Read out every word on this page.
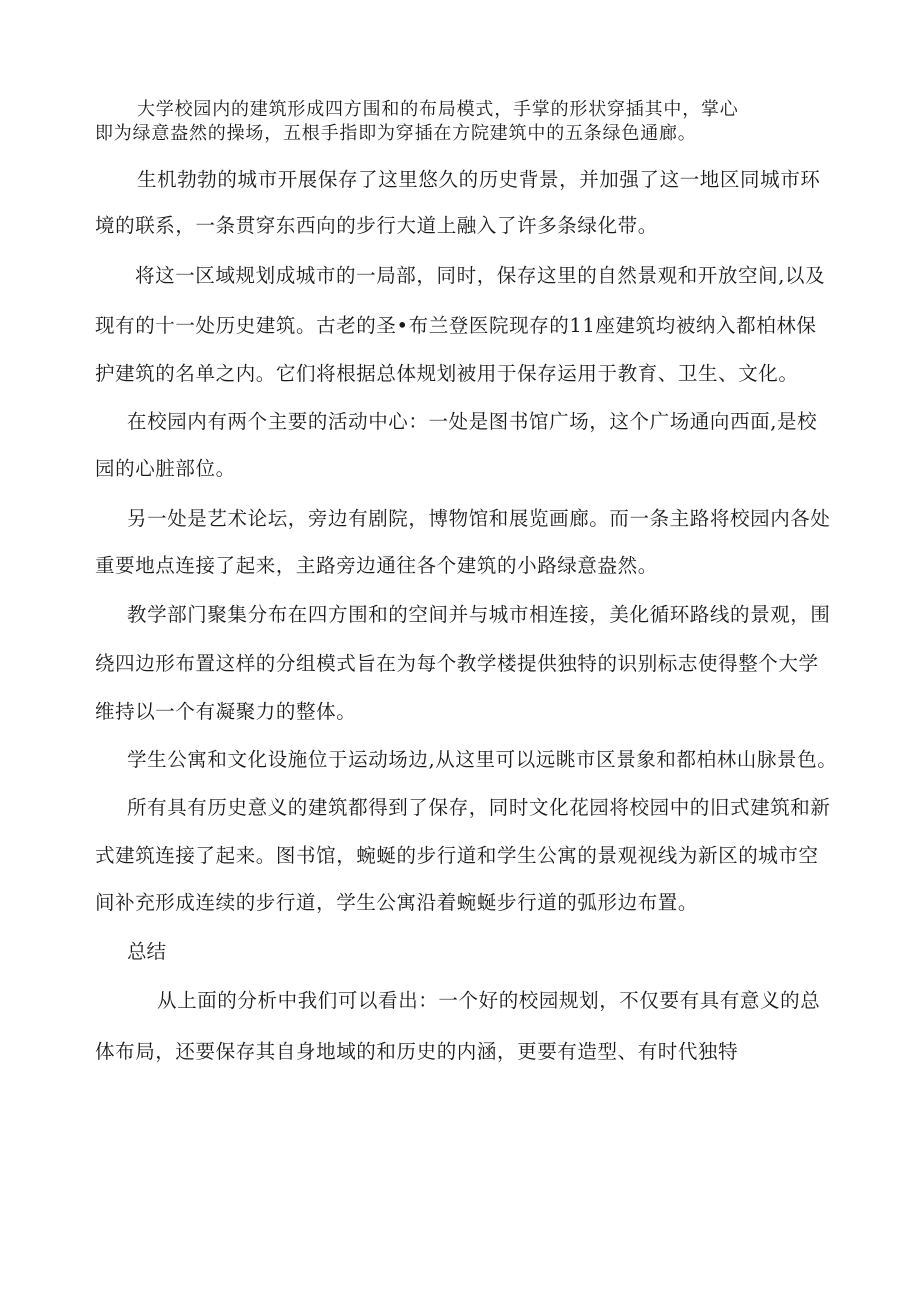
大学校园内的建筑形成四方围和的布局模式，手掌的形状穿插其中，掌心
即为绿意盎然的操场，五根手指即为穿插在方院建筑中的五条绿色通廊。
生机勃勃的城市开展保存了这里悠久的历史背景，并加强了这一地区同城市环
境的联系，一条贯穿东西向的步行大道上融入了许多条绿化带。
将这一区域规划成城市的一局部，同时，保存这里的自然景观和开放空间,以及
现有的十一处历史建筑。古老的圣•布兰登医院现存的11座建筑均被纳入都柏林保
护建筑的名单之内。它们将根据总体规划被用于保存运用于教育、卫生、文化。
在校园内有两个主要的活动中心：一处是图书馆广场，这个广场通向西面,是校
园的心脏部位。
另一处是艺术论坛，旁边有剧院，博物馆和展览画廊。而一条主路将校园内各处
重要地点连接了起来，主路旁边通往各个建筑的小路绿意盎然。
教学部门聚集分布在四方围和的空间并与城市相连接，美化循环路线的景观，围
绕四边形布置这样的分组模式旨在为每个教学楼提供独特的识别标志使得整个大学
维持以一个有凝聚力的整体。
学生公寓和文化设施位于运动场边,从这里可以远眺市区景象和都柏林山脉景色。
所有具有历史意义的建筑都得到了保存，同时文化花园将校园中的旧式建筑和新
式建筑连接了起来。图书馆，蜿蜒的步行道和学生公寓的景观视线为新区的城市空
间补充形成连续的步行道，学生公寓沿着蜿蜒步行道的弧形边布置。
总结
从上面的分析中我们可以看出：一个好的校园规划，不仅要有具有意义的总
体布局，还要保存其自身地域的和历史的内涵，更要有造型、有时代独特
